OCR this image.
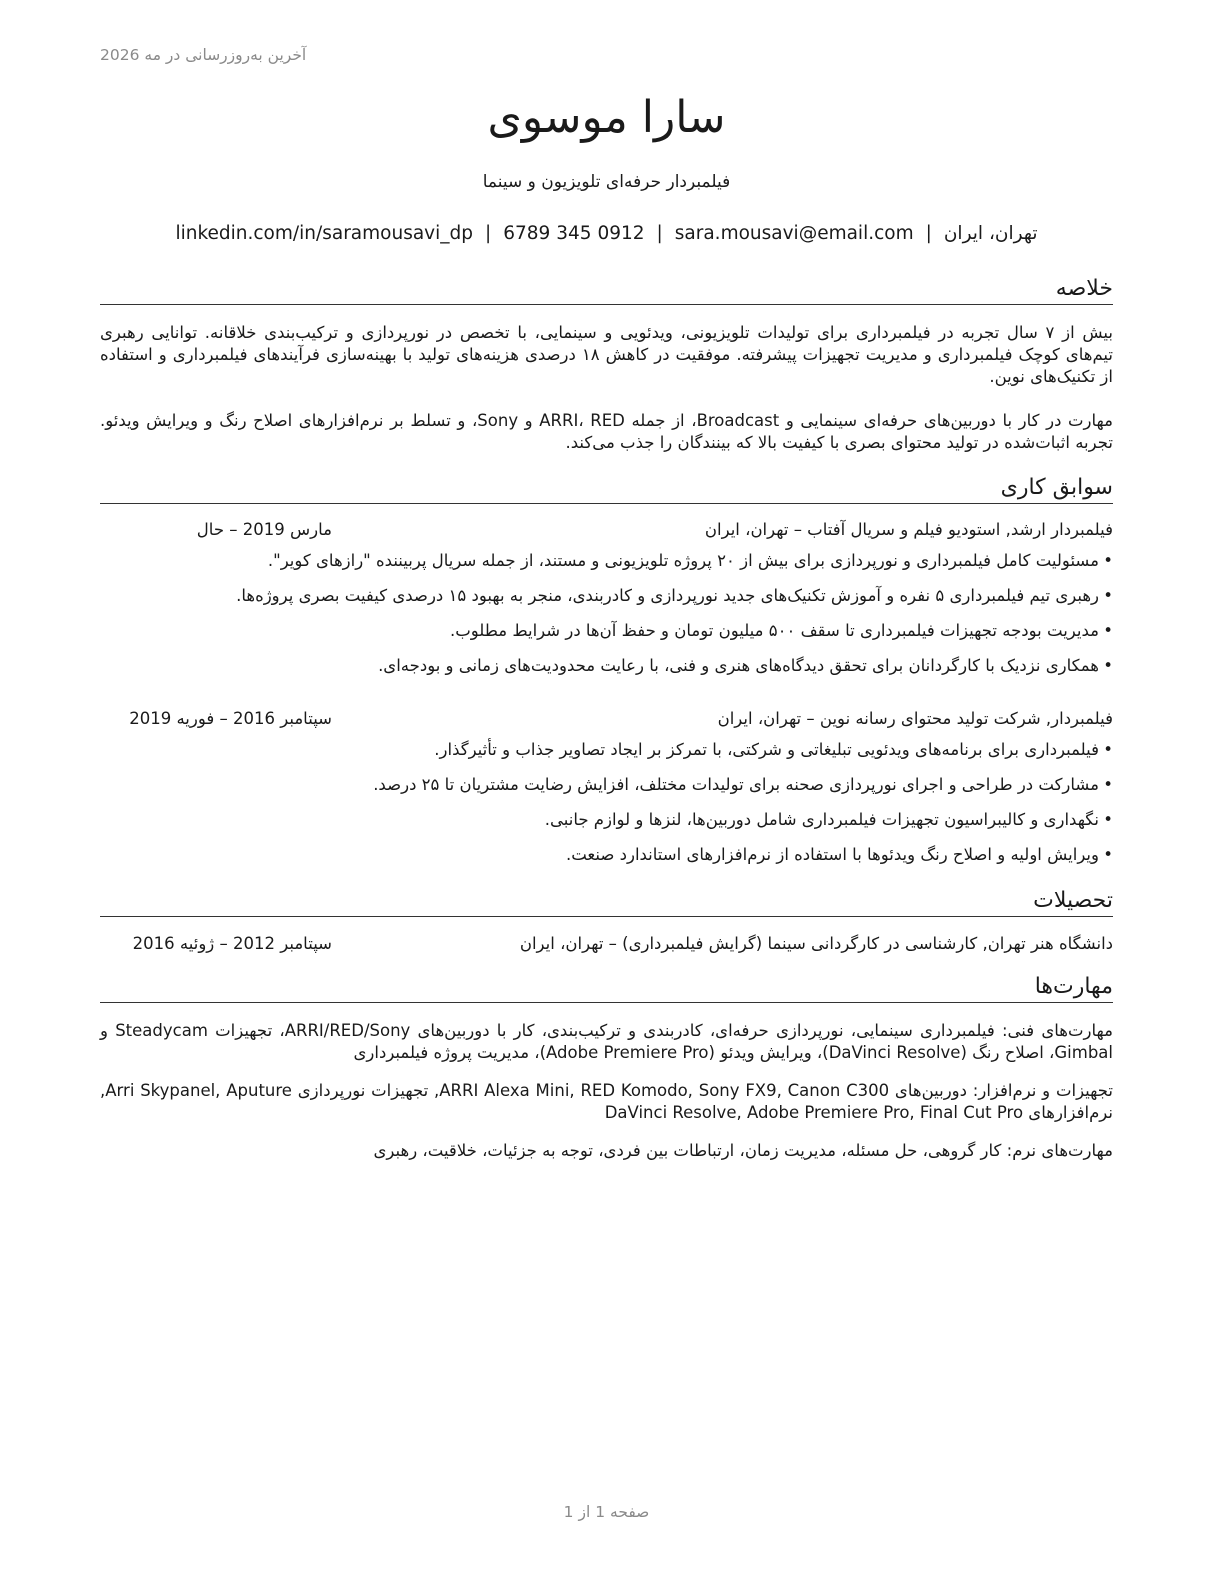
آخرین به‌روزرسانی در مه 2026
سارا موسوی
فیلمبردار حرفه‌ای تلویزیون و سینما
تهران، ایران|sara.mousavi@email.com|0912 345 6789|linkedin.com/in/saramousavi_dp
خلاصه
بیش از ۷ سال تجربه در فیلمبرداری برای تولیدات تلویزیونی، ویدئویی و سینمایی، با تخصص در نورپردازی و ترکیب‌بندی خلاقانه. توانایی رهبری تیم‌های کوچک فیلمبرداری و مدیریت تجهیزات پیشرفته. موفقیت در کاهش ۱۸ درصدی هزینه‌های تولید با بهینه‌سازی فرآیندهای فیلمبرداری و استفاده از تکنیک‌های نوین.
مهارت در کار با دوربین‌های حرفه‌ای سینمایی و Broadcast، از جمله ARRI، RED و Sony، و تسلط بر نرم‌افزارهای اصلاح رنگ و ویرایش ویدئو. تجربه اثبات‌شده در تولید محتوای بصری با کیفیت بالا که بینندگان را جذب می‌کند.
سوابق کاری
فیلمبردار ارشد, استودیو فیلم و سریال آفتاب – تهران، ایران
مارس 2019 – حال
•مسئولیت کامل فیلمبرداری و نورپردازی برای بیش از ۲۰ پروژه تلویزیونی و مستند، از جمله سریال پربیننده "رازهای کویر".
•رهبری تیم فیلمبرداری ۵ نفره و آموزش تکنیک‌های جدید نورپردازی و کادربندی، منجر به بهبود ۱۵ درصدی کیفیت بصری پروژه‌ها.
•مدیریت بودجه تجهیزات فیلمبرداری تا سقف ۵۰۰ میلیون تومان و حفظ آن‌ها در شرایط مطلوب.
•همکاری نزدیک با کارگردانان برای تحقق دیدگاه‌های هنری و فنی، با رعایت محدودیت‌های زمانی و بودجه‌ای.
فیلمبردار, شرکت تولید محتوای رسانه نوین – تهران، ایران
سپتامبر 2016 – فوریه 2019
•فیلمبرداری برای برنامه‌های ویدئویی تبلیغاتی و شرکتی، با تمرکز بر ایجاد تصاویر جذاب و تأثیرگذار.
•مشارکت در طراحی و اجرای نورپردازی صحنه برای تولیدات مختلف، افزایش رضایت مشتریان تا ۲۵ درصد.
•نگهداری و کالیبراسیون تجهیزات فیلمبرداری شامل دوربین‌ها، لنزها و لوازم جانبی.
•ویرایش اولیه و اصلاح رنگ ویدئوها با استفاده از نرم‌افزارهای استاندارد صنعت.
تحصیلات
دانشگاه هنر تهران, کارشناسی در کارگردانی سینما (گرایش فیلمبرداری) – تهران، ایران
سپتامبر 2012 – ژوئیه 2016
مهارت‌ها
مهارت‌های فنی: فیلمبرداری سینمایی، نورپردازی حرفه‌ای، کادربندی و ترکیب‌بندی، کار با دوربین‌های ARRI/RED/Sony، تجهیزات Steadycam و Gimbal، اصلاح رنگ (DaVinci Resolve)، ویرایش ویدئو (Adobe Premiere Pro)، مدیریت پروژه فیلمبرداری
تجهیزات و نرم‌افزار: دوربین‌های ARRI Alexa Mini, RED Komodo, Sony FX9, Canon C300, تجهیزات نورپردازی Arri Skypanel, Aputure, نرم‌افزارهای DaVinci Resolve, Adobe Premiere Pro, Final Cut Pro
مهارت‌های نرم: کار گروهی، حل مسئله، مدیریت زمان، ارتباطات بین فردی، توجه به جزئیات، خلاقیت، رهبری
صفحه 1 از 1
